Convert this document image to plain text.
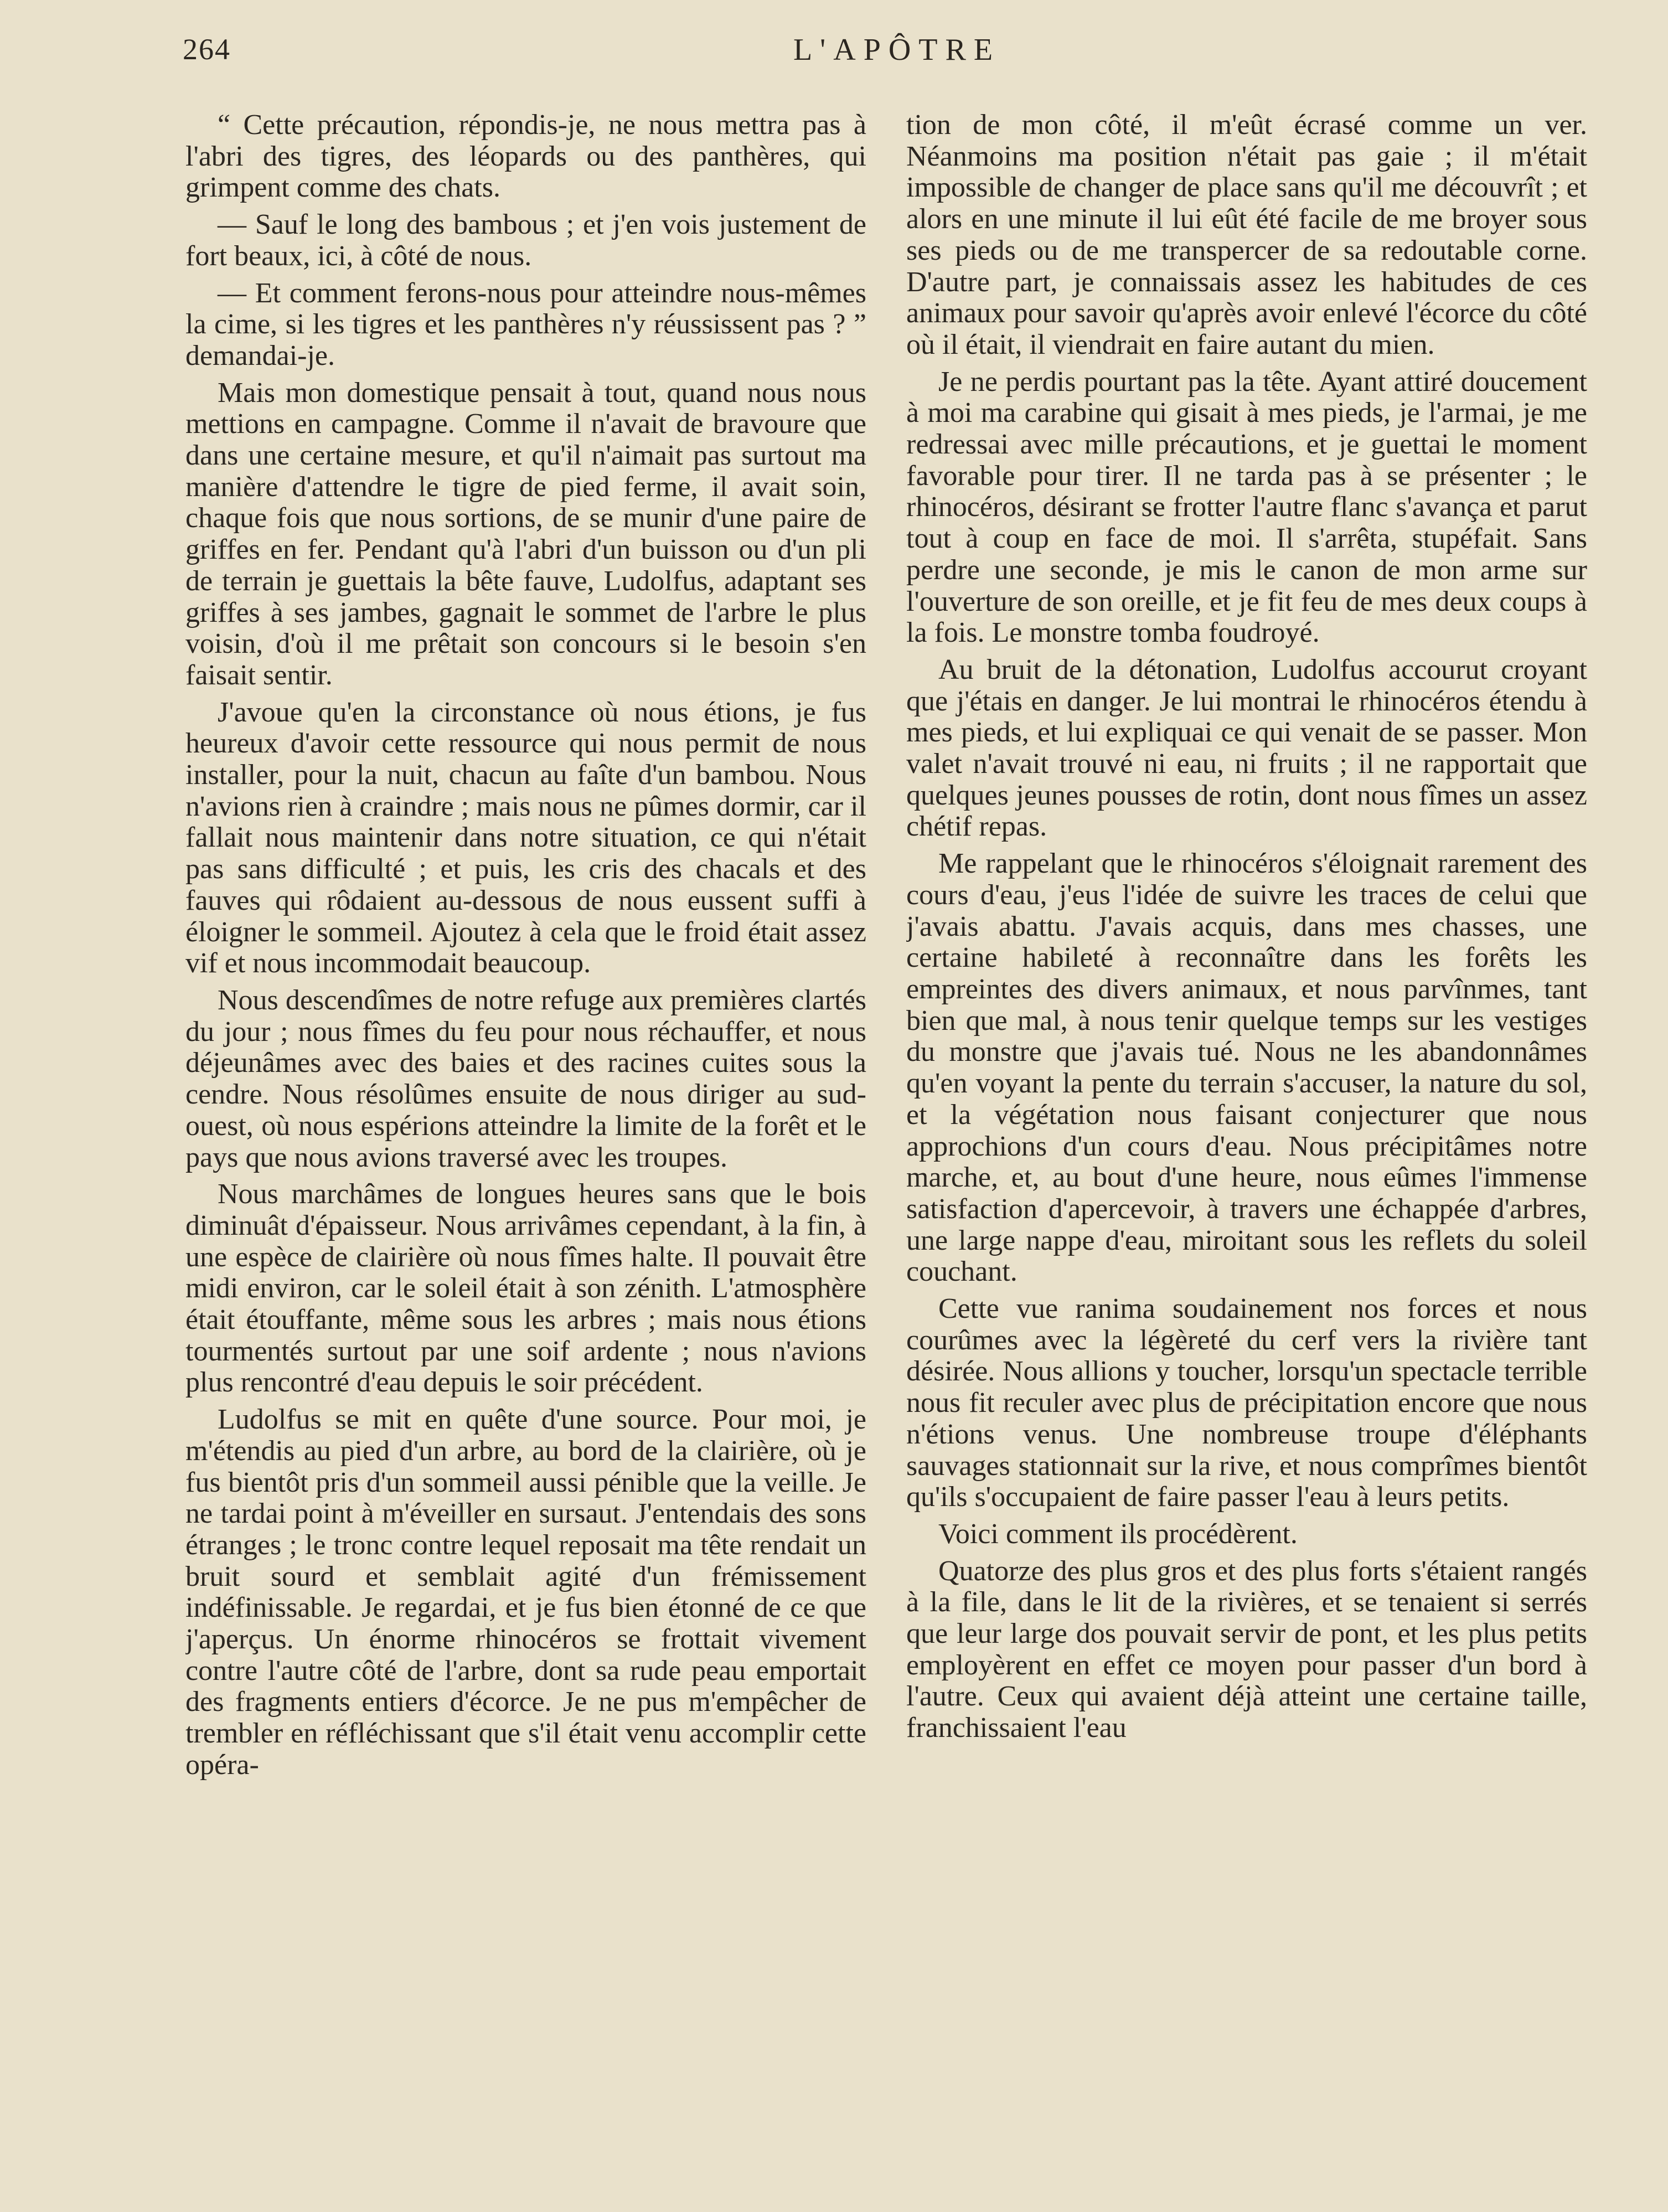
264	L'APÔTRE

“ Cette précaution, répondis-je, ne nous mettra pas à l'abri des tigres, des léopards ou des panthères, qui grimpent comme des chats.

— Sauf le long des bambous ; et j'en vois justement de fort beaux, ici, à côté de nous.

— Et comment ferons-nous pour atteindre nous-mêmes la cime, si les tigres et les panthères n'y réussissent pas ? ” demandai-je.

Mais mon domestique pensait à tout, quand nous nous mettions en campagne. Comme il n'avait de bravoure que dans une certaine mesure, et qu'il n'aimait pas surtout ma manière d'attendre le tigre de pied ferme, il avait soin, chaque fois que nous sortions, de se munir d'une paire de griffes en fer. Pendant qu'à l'abri d'un buisson ou d'un pli de terrain je guettais la bête fauve, Ludolfus, adaptant ses griffes à ses jambes, gagnait le sommet de l'arbre le plus voisin, d'où il me prêtait son concours si le besoin s'en faisait sentir.

J'avoue qu'en la circonstance où nous étions, je fus heureux d'avoir cette ressource qui nous permit de nous installer, pour la nuit, chacun au faîte d'un bambou. Nous n'avions rien à craindre ; mais nous ne pûmes dormir, car il fallait nous maintenir dans notre situation, ce qui n'était pas sans difficulté ; et puis, les cris des chacals et des fauves qui rôdaient au-dessous de nous eussent suffi à éloigner le sommeil. Ajoutez à cela que le froid était assez vif et nous incommodait beaucoup.

Nous descendîmes de notre refuge aux premières clartés du jour ; nous fîmes du feu pour nous réchauffer, et nous déjeunâmes avec des baies et des racines cuites sous la cendre. Nous résolûmes ensuite de nous diriger au sud-ouest, où nous espérions atteindre la limite de la forêt et le pays que nous avions traversé avec les troupes.

Nous marchâmes de longues heures sans que le bois diminuât d'épaisseur. Nous arrivâmes cependant, à la fin, à une espèce de clairière où nous fîmes halte. Il pouvait être midi environ, car le soleil était à son zénith. L'atmosphère était étouffante, même sous les arbres ; mais nous étions tourmentés surtout par une soif ardente ; nous n'avions plus rencontré d'eau depuis le soir précédent.

Ludolfus se mit en quête d'une source. Pour moi, je m'étendis au pied d'un arbre, au bord de la clairière, où je fus bientôt pris d'un sommeil aussi pénible que la veille. Je ne tardai point à m'éveiller en sursaut. J'entendais des sons étranges ; le tronc contre lequel reposait ma tête rendait un bruit sourd et semblait agité d'un frémissement indéfinissable. Je regardai, et je fus bien étonné de ce que j'aperçus. Un énorme rhinocéros se frottait vivement contre l'autre côté de l'arbre, dont sa rude peau emportait des fragments entiers d'écorce. Je ne pus m'empêcher de trembler en réfléchissant que s'il était venu accomplir cette opéra-

tion de mon côté, il m'eût écrasé comme un ver. Néanmoins ma position n'était pas gaie ; il m'était impossible de changer de place sans qu'il me découvrît ; et alors en une minute il lui eût été facile de me broyer sous ses pieds ou de me transpercer de sa redoutable corne. D'autre part, je connaissais assez les habitudes de ces animaux pour savoir qu'après avoir enlevé l'écorce du côté où il était, il viendrait en faire autant du mien.

Je ne perdis pourtant pas la tête. Ayant attiré doucement à moi ma carabine qui gisait à mes pieds, je l'armai, je me redressai avec mille précautions, et je guettai le moment favorable pour tirer. Il ne tarda pas à se présenter ; le rhinocéros, désirant se frotter l'autre flanc s'avança et parut tout à coup en face de moi. Il s'arrêta, stupéfait. Sans perdre une seconde, je mis le canon de mon arme sur l'ouverture de son oreille, et je fit feu de mes deux coups à la fois. Le monstre tomba foudroyé.

Au bruit de la détonation, Ludolfus accourut croyant que j'étais en danger. Je lui montrai le rhinocéros étendu à mes pieds, et lui expliquai ce qui venait de se passer. Mon valet n'avait trouvé ni eau, ni fruits ; il ne rapportait que quelques jeunes pousses de rotin, dont nous fîmes un assez chétif repas.

Me rappelant que le rhinocéros s'éloignait rarement des cours d'eau, j'eus l'idée de suivre les traces de celui que j'avais abattu. J'avais acquis, dans mes chasses, une certaine habileté à reconnaître dans les forêts les empreintes des divers animaux, et nous parvînmes, tant bien que mal, à nous tenir quelque temps sur les vestiges du monstre que j'avais tué. Nous ne les abandonnâmes qu'en voyant la pente du terrain s'accuser, la nature du sol, et la végétation nous faisant conjecturer que nous approchions d'un cours d'eau. Nous précipitâmes notre marche, et, au bout d'une heure, nous eûmes l'immense satisfaction d'apercevoir, à travers une échappée d'arbres, une large nappe d'eau, miroitant sous les reflets du soleil couchant.

Cette vue ranima soudainement nos forces et nous courûmes avec la légèreté du cerf vers la rivière tant désirée. Nous allions y toucher, lorsqu'un spectacle terrible nous fit reculer avec plus de précipitation encore que nous n'étions venus. Une nombreuse troupe d'éléphants sauvages stationnait sur la rive, et nous comprîmes bientôt qu'ils s'occupaient de faire passer l'eau à leurs petits.

Voici comment ils procédèrent.

Quatorze des plus gros et des plus forts s'étaient rangés à la file, dans le lit de la rivières, et se tenaient si serrés que leur large dos pouvait servir de pont, et les plus petits employèrent en effet ce moyen pour passer d'un bord à l'autre. Ceux qui avaient déjà atteint une certaine taille, franchissaient l'eau
